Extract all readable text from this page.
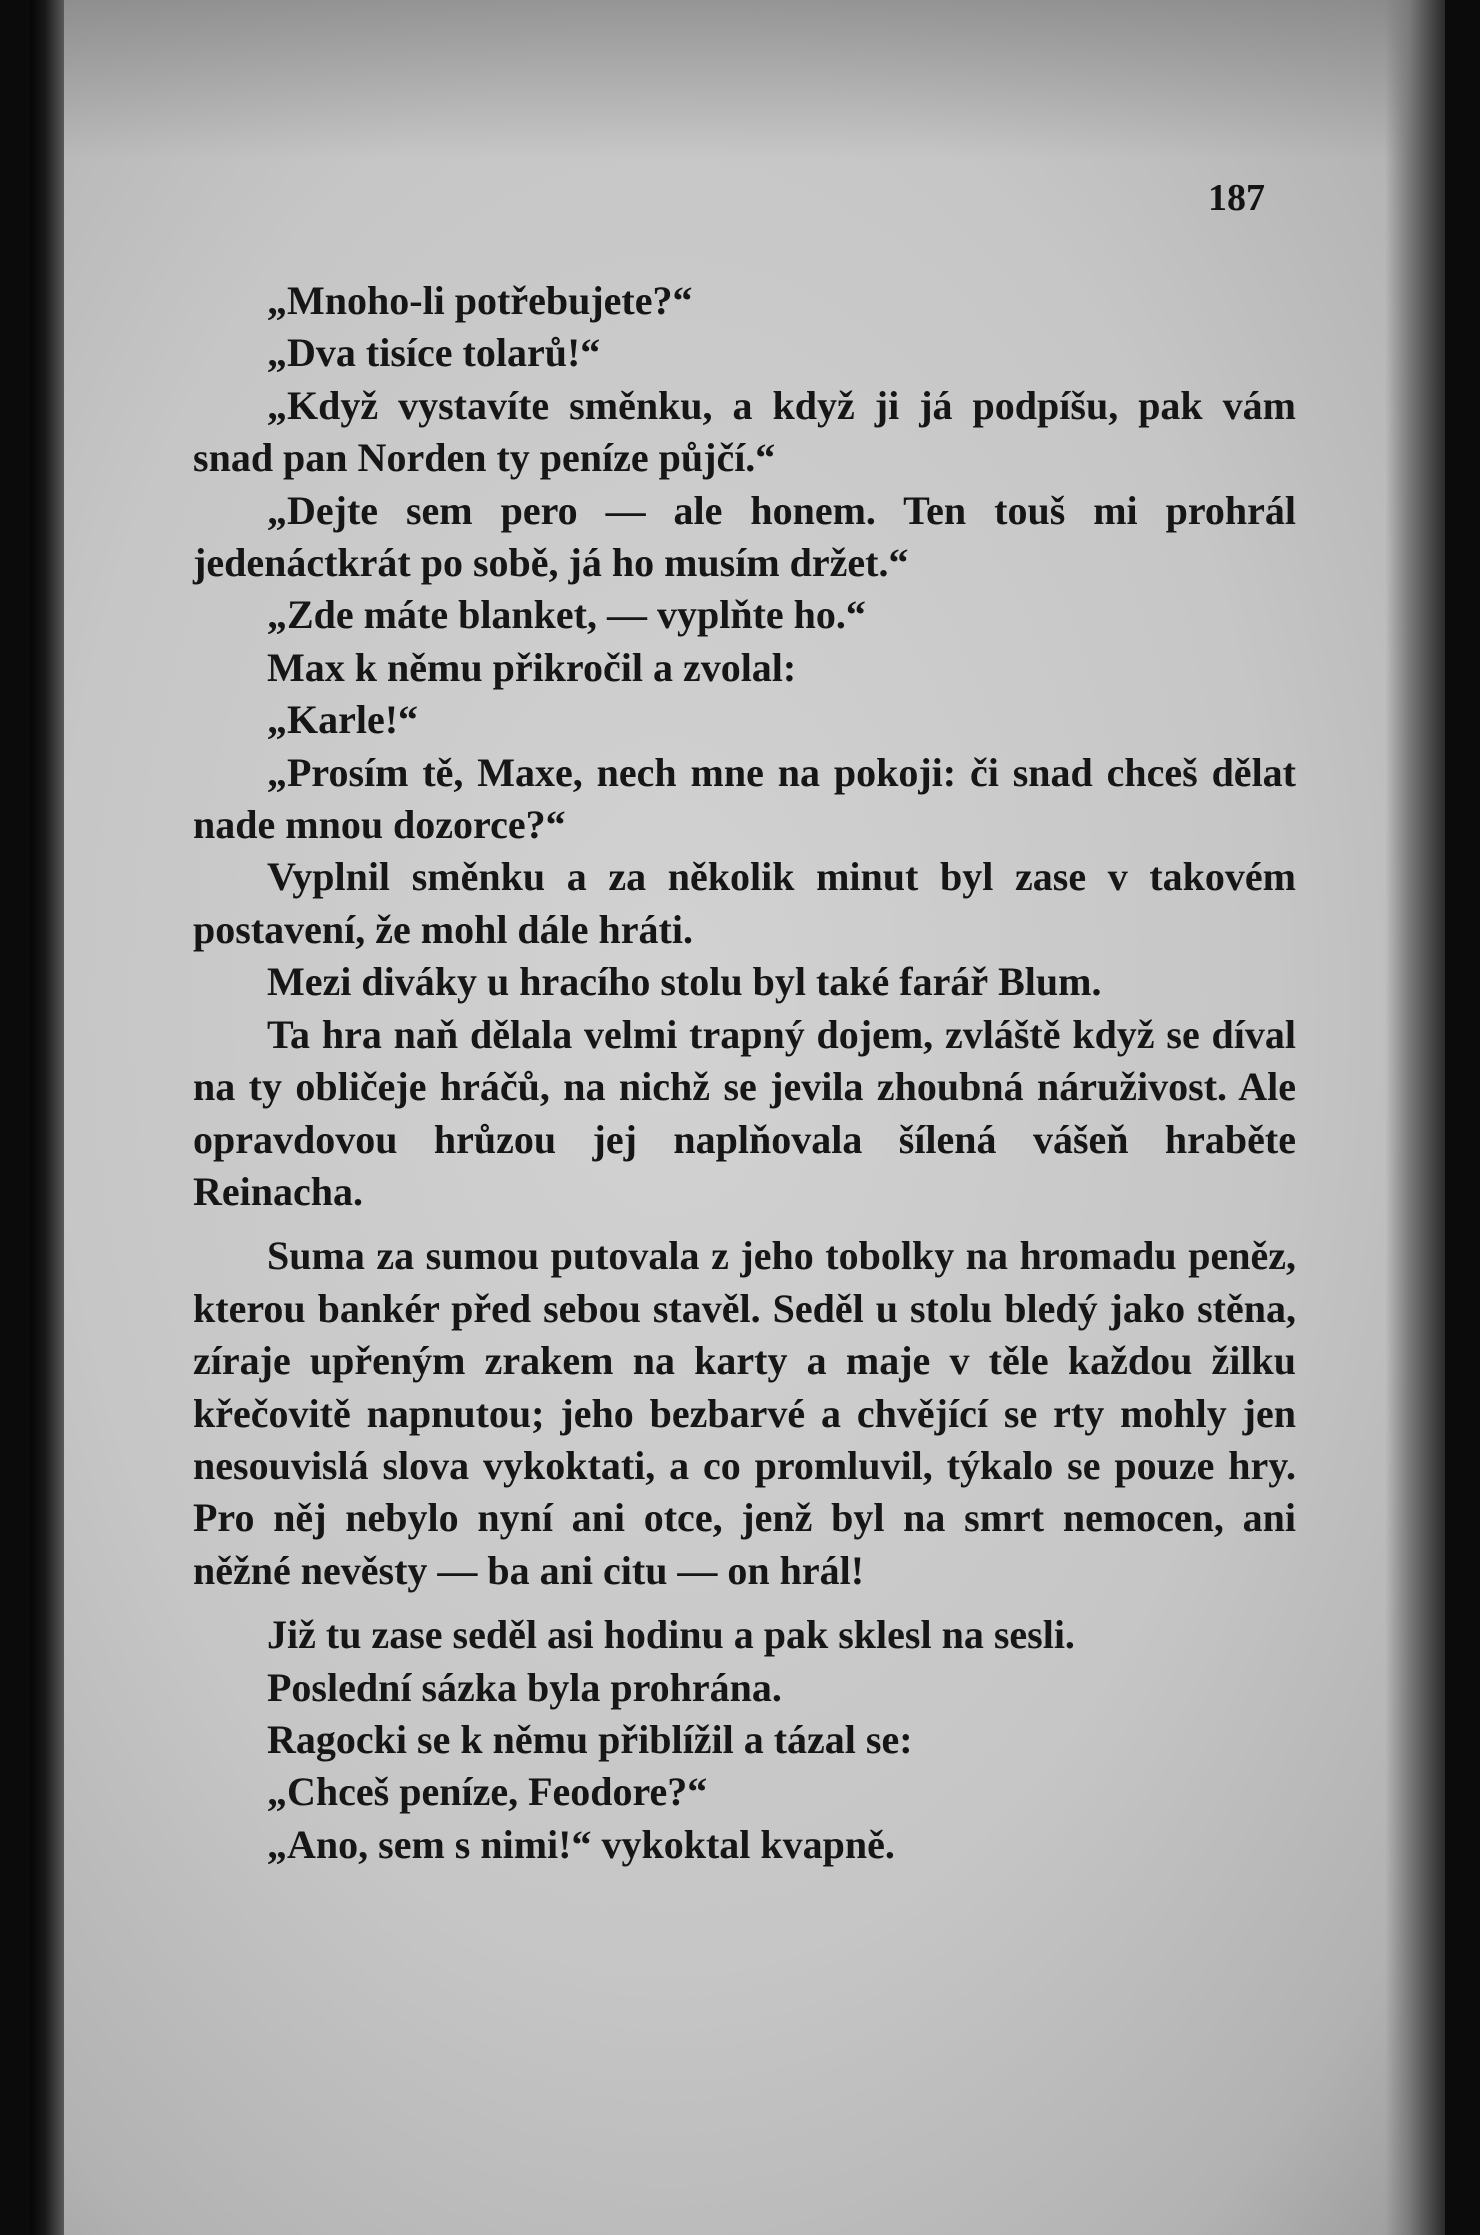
187

„Mnoho-li potřebujete?“

„Dva tisíce tolarů!“

„Když vystavíte směnku, a když ji já podpíšu, pak vám snad pan Norden ty peníze půjčí.“

„Dejte sem pero — ale honem. Ten touš mi prohrál jedenáctkrát po sobě, já ho musím držet.“

„Zde máte blanket, — vyplňte ho.“

Max k němu přikročil a zvolal:

„Karle!“

„Prosím tě, Maxe, nech mne na pokoji: či snad chceš dělat nade mnou dozorce?“

Vyplnil směnku a za několik minut byl zase v takovém postavení, že mohl dále hráti.

Mezi diváky u hracího stolu byl také farář Blum.

Ta hra naň dělala velmi trapný dojem, zvláště když se díval na ty obličeje hráčů, na nichž se jevila zhoubná náruživost. Ale opravdovou hrůzou jej naplňovala šílená vášeň hraběte Reinacha.

Suma za sumou putovala z jeho tobolky na hromadu peněz, kterou bankér před sebou stavěl. Seděl u stolu bledý jako stěna, zíraje upřeným zrakem na karty a maje v těle každou žilku křečovitě napnutou; jeho bezbarvé a chvějící se rty mohly jen nesouvislá slova vykoktati, a co promluvil, týkalo se pouze hry. Pro něj nebylo nyní ani otce, jenž byl na smrt nemocen, ani něžné nevěsty — ba ani citu — on hrál!

Již tu zase seděl asi hodinu a pak sklesl na sesli.

Poslední sázka byla prohrána.

Ragocki se k němu přiblížil a tázal se:

„Chceš peníze, Feodore?“

„Ano, sem s nimi!“ vykoktal kvapně.
